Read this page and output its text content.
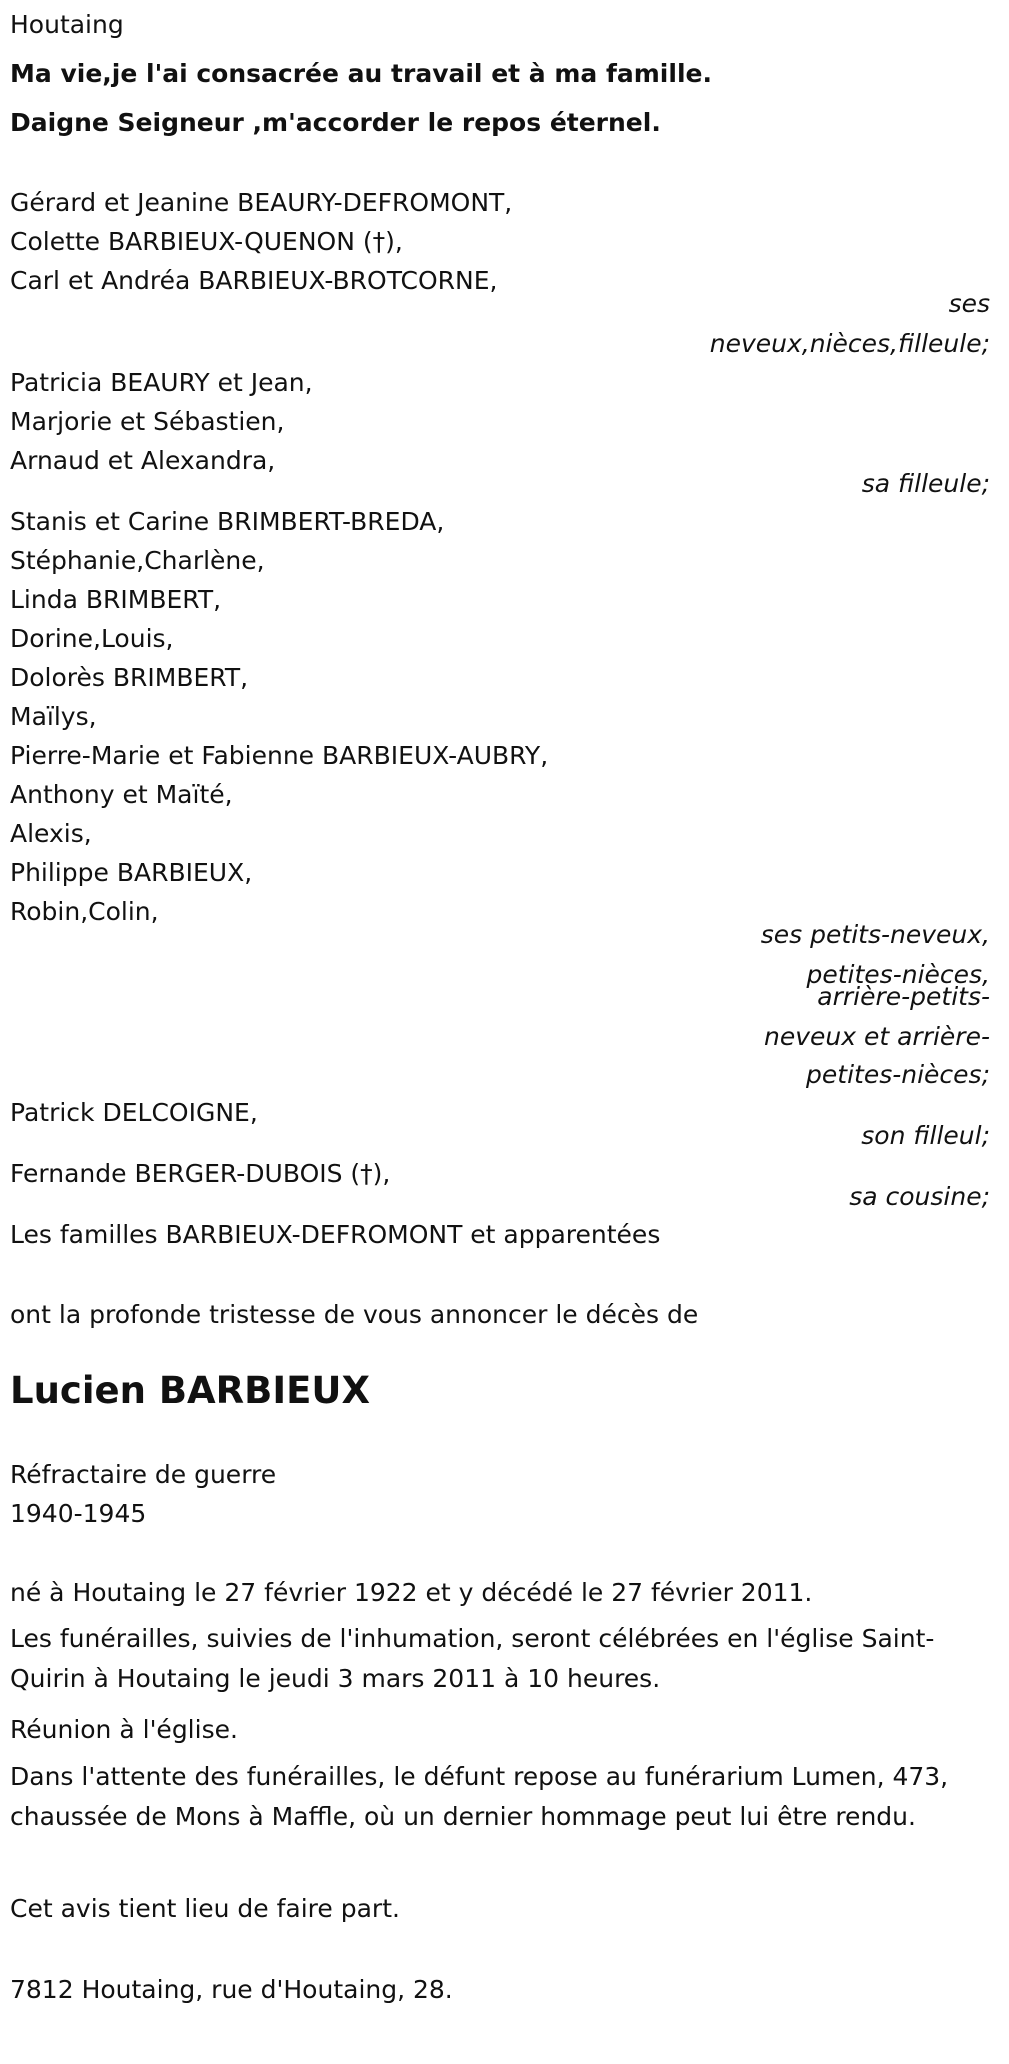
Houtaing
Ma vie,je l'ai consacrée au travail et à ma famille.
Daigne Seigneur ,m'accorder le repos éternel.
Gérard et Jeanine BEAURY-DEFROMONT,
Colette BARBIEUX-QUENON (†),
Carl et Andréa BARBIEUX-BROTCORNE,
ses
neveux,nièces,filleule;
Patricia BEAURY et Jean,
Marjorie et Sébastien,
Arnaud et Alexandra,
sa filleule;
Stanis et Carine BRIMBERT-BREDA,
Stéphanie,Charlène,
Linda BRIMBERT,
Dorine,Louis,
Dolorès BRIMBERT,
Maïlys,
Pierre-Marie et Fabienne BARBIEUX-AUBRY,
Anthony et Maïté,
Alexis,
Philippe BARBIEUX,
Robin,Colin,
ses petits-neveux,
petites-nièces,
arrière-petits-
neveux et arrière-
petites-nièces;
Patrick DELCOIGNE,
son filleul;
Fernande BERGER-DUBOIS (†),
sa cousine;
Les familles BARBIEUX-DEFROMONT et apparentées
ont la profonde tristesse de vous annoncer le décès de
Lucien BARBIEUX
Réfractaire de guerre
1940-1945
né à Houtaing le 27 février 1922 et y décédé le 27 février 2011.
Les funérailles, suivies de l'inhumation, seront célébrées en l'église Saint-Quirin à Houtaing le jeudi 3 mars 2011 à 10 heures.
Réunion à l'église.
Dans l'attente des funérailles, le défunt repose au funérarium Lumen, 473, chaussée de Mons à Maffle, où un dernier hommage peut lui être rendu.
Cet avis tient lieu de faire part.
7812 Houtaing, rue d'Houtaing, 28.
